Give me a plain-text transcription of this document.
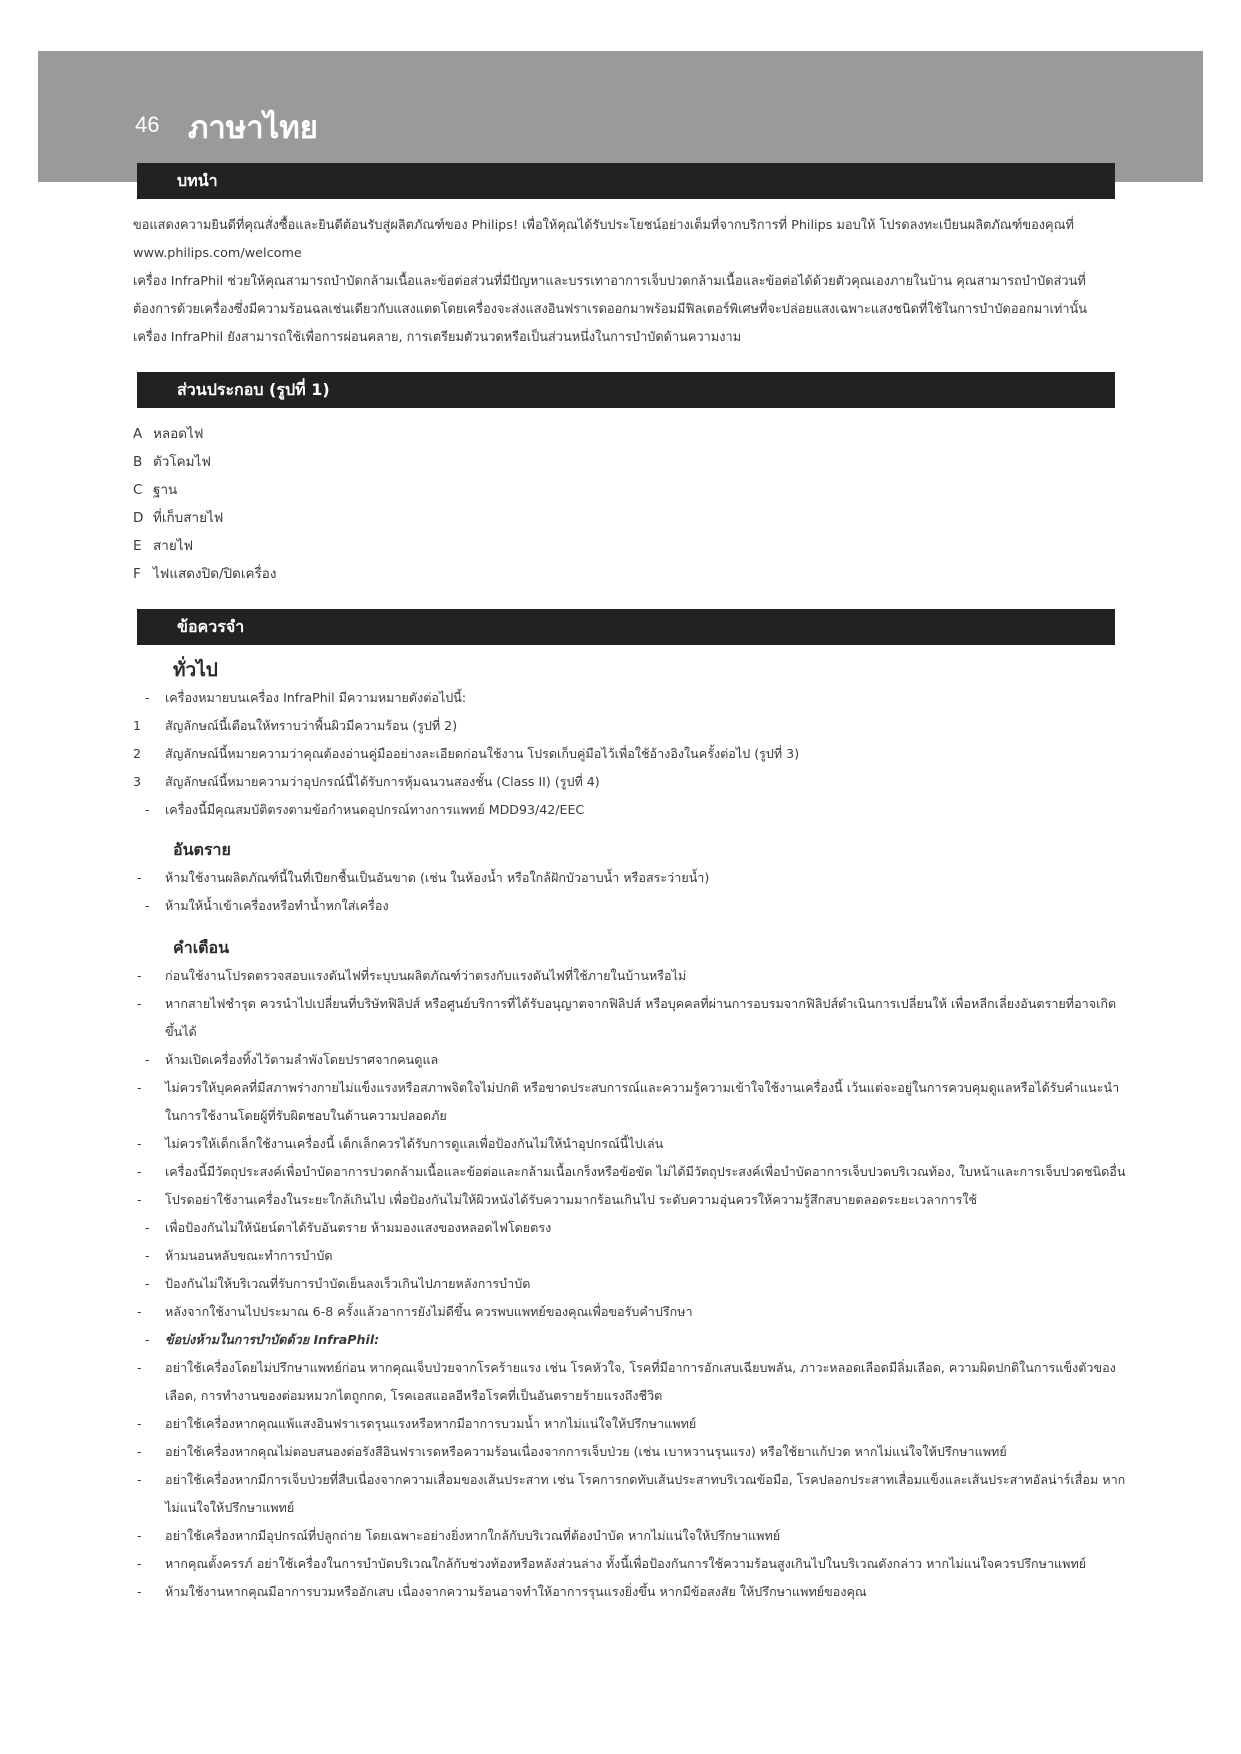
46 ภาษาไทย
บทนำ
ขอแสดงความยินดีที่คุณสั่งซื้อและยินดีต้อนรับสู่ผลิตภัณฑ์ของ Philips! เพื่อให้คุณได้รับประโยชน์อย่างเต็มที่จากบริการที่ Philips มอบให้ โปรดลงทะเบียนผลิตภัณฑ์ของคุณที่ www.philips.com/welcome
เครื่อง InfraPhil ช่วยให้คุณสามารถบำบัดกล้ามเนื้อและข้อต่อส่วนที่มีปัญหาและบรรเทาอาการเจ็บปวดกล้ามเนื้อและข้อต่อได้ด้วยตัวคุณเองภายในบ้าน คุณสามารถบำบัดส่วนที่ต้องการด้วยเครื่องซึ่งมีความร้อนฉลเช่นเดียวกับแสงแดดโดยเครื่องจะส่งแสงอินฟราเรดออกมาพร้อมมีฟิลเตอร์พิเศษที่จะปล่อยแสงเฉพาะแสงชนิดที่ใช้ในการบำบัดออกมาเท่านั้น เครื่อง InfraPhil ยังสามารถใช้เพื่อการผ่อนคลาย, การเตรียมตัวนวดหรือเป็นส่วนหนึ่งในการบำบัดด้านความงาม
ส่วนประกอบ (รูปที่ 1)
A หลอดไฟ
B ตัวโคมไฟ
C ฐาน
D ที่เก็บสายไฟ
E สายไฟ
F ไฟแสดงปิด/ปิดเครื่อง
ข้อควรจำ
ทั่วไป
- เครื่องหมายบนเครื่อง InfraPhil มีความหมายดังต่อไปนี้:
1 สัญลักษณ์นี้เตือนให้ทราบว่าพื้นผิวมีความร้อน (รูปที่ 2)
2 สัญลักษณ์นี้หมายความว่าคุณต้องอ่านคู่มืออย่างละเอียดก่อนใช้งาน โปรดเก็บคู่มือไว้เพื่อใช้อ้างอิงในครั้งต่อไป (รูปที่ 3)
3 สัญลักษณ์นี้หมายความว่าอุปกรณ์นี้ได้รับการหุ้มฉนวนสองชั้น (Class II) (รูปที่ 4)
- เครื่องนี้มีคุณสมบัติตรงตามข้อกำหนดอุปกรณ์ทางการแพทย์ MDD93/42/EEC
อันตราย
- ห้ามใช้งานผลิตภัณฑ์นี้ในที่เปียกชื้นเป็นอันขาด (เช่น ในห้องน้ำ หรือใกล้ฝักบัวอาบน้ำ หรือสระว่ายน้ำ)
- ห้ามให้น้ำเข้าเครื่องหรือทำน้ำหกใส่เครื่อง
คำเตือน
- ก่อนใช้งานโปรดตรวจสอบแรงดันไฟที่ระบุบนผลิตภัณฑ์ว่าตรงกับแรงดันไฟที่ใช้ภายในบ้านหรือไม่
- หากสายไฟชำรุด ควรนำไปเปลี่ยนที่บริษัทฟิลิปส์ หรือศูนย์บริการที่ได้รับอนุญาตจากฟิลิปส์ หรือบุคคลที่ผ่านการอบรมจากฟิลิปส์ดำเนินการเปลี่ยนให้ เพื่อหลีกเลี่ยงอันตรายที่อาจเกิดขึ้นได้
- ห้ามเปิดเครื่องทิ้งไว้ตามลำพังโดยปราศจากคนดูแล
- ไม่ควรให้บุคคลที่มีสภาพร่างกายไม่แข็งแรงหรือสภาพจิตใจไม่ปกติ หรือขาดประสบการณ์และความรู้ความเข้าใจใช้งานเครื่องนี้ เว้นแต่จะอยู่ในการควบคุมดูแลหรือได้รับคำแนะนำในการใช้งานโดยผู้ที่รับผิดชอบในด้านความปลอดภัย
- ไม่ควรให้เด็กเล็กใช้งานเครื่องนี้ เด็กเล็กควรได้รับการดูแลเพื่อป้องกันไม่ให้นำอุปกรณ์นี้ไปเล่น
- เครื่องนี้มีวัตถุประสงค์เพื่อบำบัดอาการปวดกล้ามเนื้อและข้อต่อและกล้ามเนื้อเกร็งหรือข้อขัด ไม่ได้มีวัตถุประสงค์เพื่อบำบัดอาการเจ็บปวดบริเวณท้อง, ใบหน้าและการเจ็บปวดชนิดอื่น
- โปรดอย่าใช้งานเครื่องในระยะใกล้เกินไป เพื่อป้องกันไม่ให้ผิวหนังได้รับความมากร้อนเกินไป ระดับความอุ่นควรให้ความรู้สึกสบายตลอดระยะเวลาการใช้
- เพื่อป้องกันไม่ให้นัยน์ตาได้รับอันตราย ห้ามมองแสงของหลอดไฟโดยตรง
- ห้ามนอนหลับขณะทำการบำบัด
- ป้องกันไม่ให้บริเวณที่รับการบำบัดเย็นลงเร็วเกินไปภายหลังการบำบัด
- หลังจากใช้งานไปประมาณ 6-8 ครั้งแล้วอาการยังไม่ดีขึ้น ควรพบแพทย์ของคุณเพื่อขอรับคำปรึกษา
- ข้อบ่งห้ามในการบำบัดด้วย InfraPhil:
- อย่าใช้เครื่องโดยไม่ปรึกษาแพทย์ก่อน หากคุณเจ็บป่วยจากโรคร้ายแรง เช่น โรคหัวใจ, โรคที่มีอาการอักเสบเฉียบพลัน, ภาวะหลอดเลือดมีลิ่มเลือด, ความผิดปกติในการแข็งตัวของเลือด, การทำงานของต่อมหมวกไตถูกกด, โรคเอสแอลอีหรือโรคที่เป็นอันตรายร้ายแรงถึงชีวิต
- อย่าใช้เครื่องหากคุณแพ้แสงอินฟราเรดรุนแรงหรือหากมีอาการบวมน้ำ หากไม่แน่ใจให้ปรึกษาแพทย์
- อย่าใช้เครื่องหากคุณไม่ตอบสนองต่อรังสีอินฟราเรดหรือความร้อนเนื่องจากการเจ็บป่วย (เช่น เบาหวานรุนแรง) หรือใช้ยาแก้ปวด หากไม่แน่ใจให้ปรึกษาแพทย์
- อย่าใช้เครื่องหากมีการเจ็บป่วยที่สืบเนื่องจากความเสื่อมของเส้นประสาท เช่น โรคการกดทับเส้นประสาทบริเวณข้อมือ, โรคปลอกประสาทเสื่อมแข็งและเส้นประสาทอัลน่าร์เสื่อม หากไม่แน่ใจให้ปรึกษาแพทย์
- อย่าใช้เครื่องหากมีอุปกรณ์ที่ปลูกถ่าย โดยเฉพาะอย่างยิ่งหากใกล้กับบริเวณที่ต้องบำบัด หากไม่แน่ใจให้ปรึกษาแพทย์
- หากคุณตั้งครรภ์ อย่าใช้เครื่องในการบำบัดบริเวณใกล้กับช่วงท้องหรือหลังส่วนล่าง ทั้งนี้เพื่อป้องกันการใช้ความร้อนสูงเกินไปในบริเวณดังกล่าว หากไม่แน่ใจควรปรึกษาแพทย์
- ห้ามใช้งานหากคุณมีอาการบวมหรืออักเสบ เนื่องจากความร้อนอาจทำให้อาการรุนแรงยิ่งขึ้น หากมีข้อสงสัย ให้ปรึกษาแพทย์ของคุณ
